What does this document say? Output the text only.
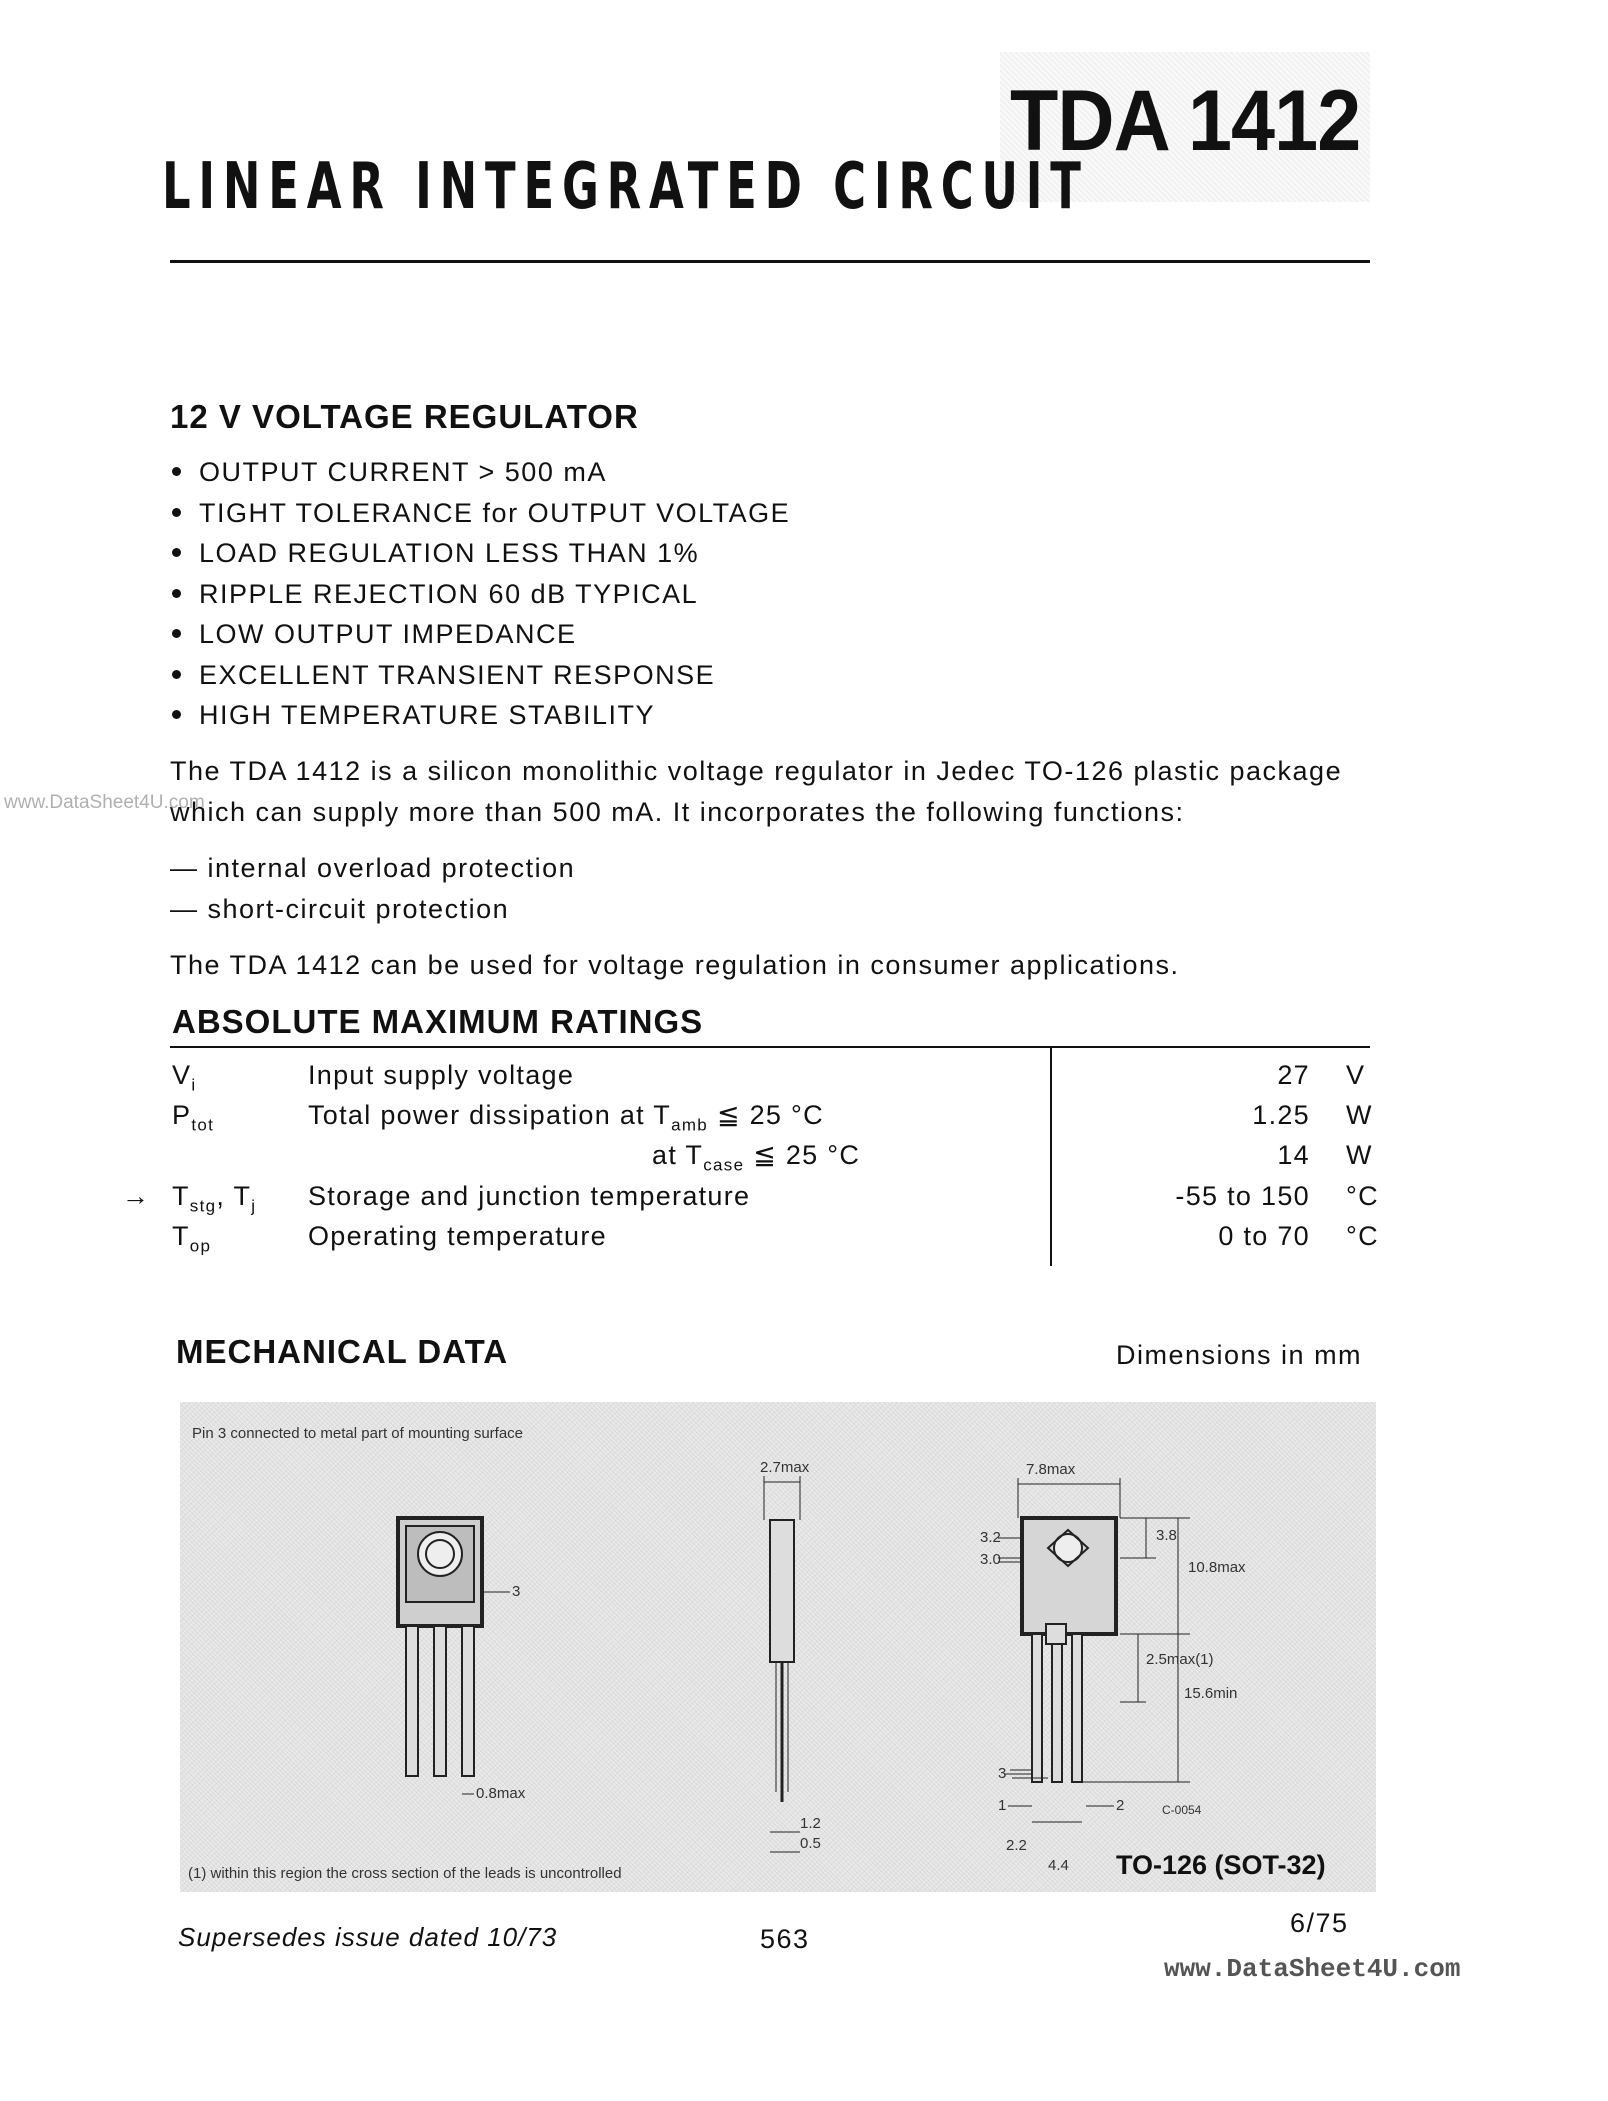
TDA 1412
LINEAR INTEGRATED CIRCUIT
12 V VOLTAGE REGULATOR
OUTPUT CURRENT > 500 mA
TIGHT TOLERANCE for OUTPUT VOLTAGE
LOAD REGULATION LESS THAN 1%
RIPPLE REJECTION 60 dB TYPICAL
LOW OUTPUT IMPEDANCE
EXCELLENT TRANSIENT RESPONSE
HIGH TEMPERATURE STABILITY
The TDA 1412 is a silicon monolithic voltage regulator in Jedec TO-126 plastic package
which can supply more than 500 mA. It incorporates the following functions:
www.DataSheet4U.com
— internal overload protection
— short-circuit protection
The TDA 1412 can be used for voltage regulation in consumer applications.
ABSOLUTE MAXIMUM RATINGS
$V_i$	Input supply voltage	27 V
$P_{tot}$	Total power dissipation at $T_{amb}$ ≦ 25 °C	1.25 W
at $T_{case}$ ≦ 25 °C	14 W
→ $T_{stg}$, $T_j$ Storage and junction temperature	-55 to 150 °C
$T_{op}$	Operating temperature	0 to 70 °C
MECHANICAL DATA	Dimensions in mm
Pin 3 connected to metal part of mounting surface
3
0.8max
2.7max
1.2
0.5
7.8max
3.8
10.8max
3.2
3.0
2.5max(1)
15.6min
3
1	2
2.2
4.4
C-0054
(1) within this region the cross section of the leads is uncontrolled	TO-126 (SOT-32)
Supersedes issue dated 10/73	563
6/75
www.DataSheet4U.com
